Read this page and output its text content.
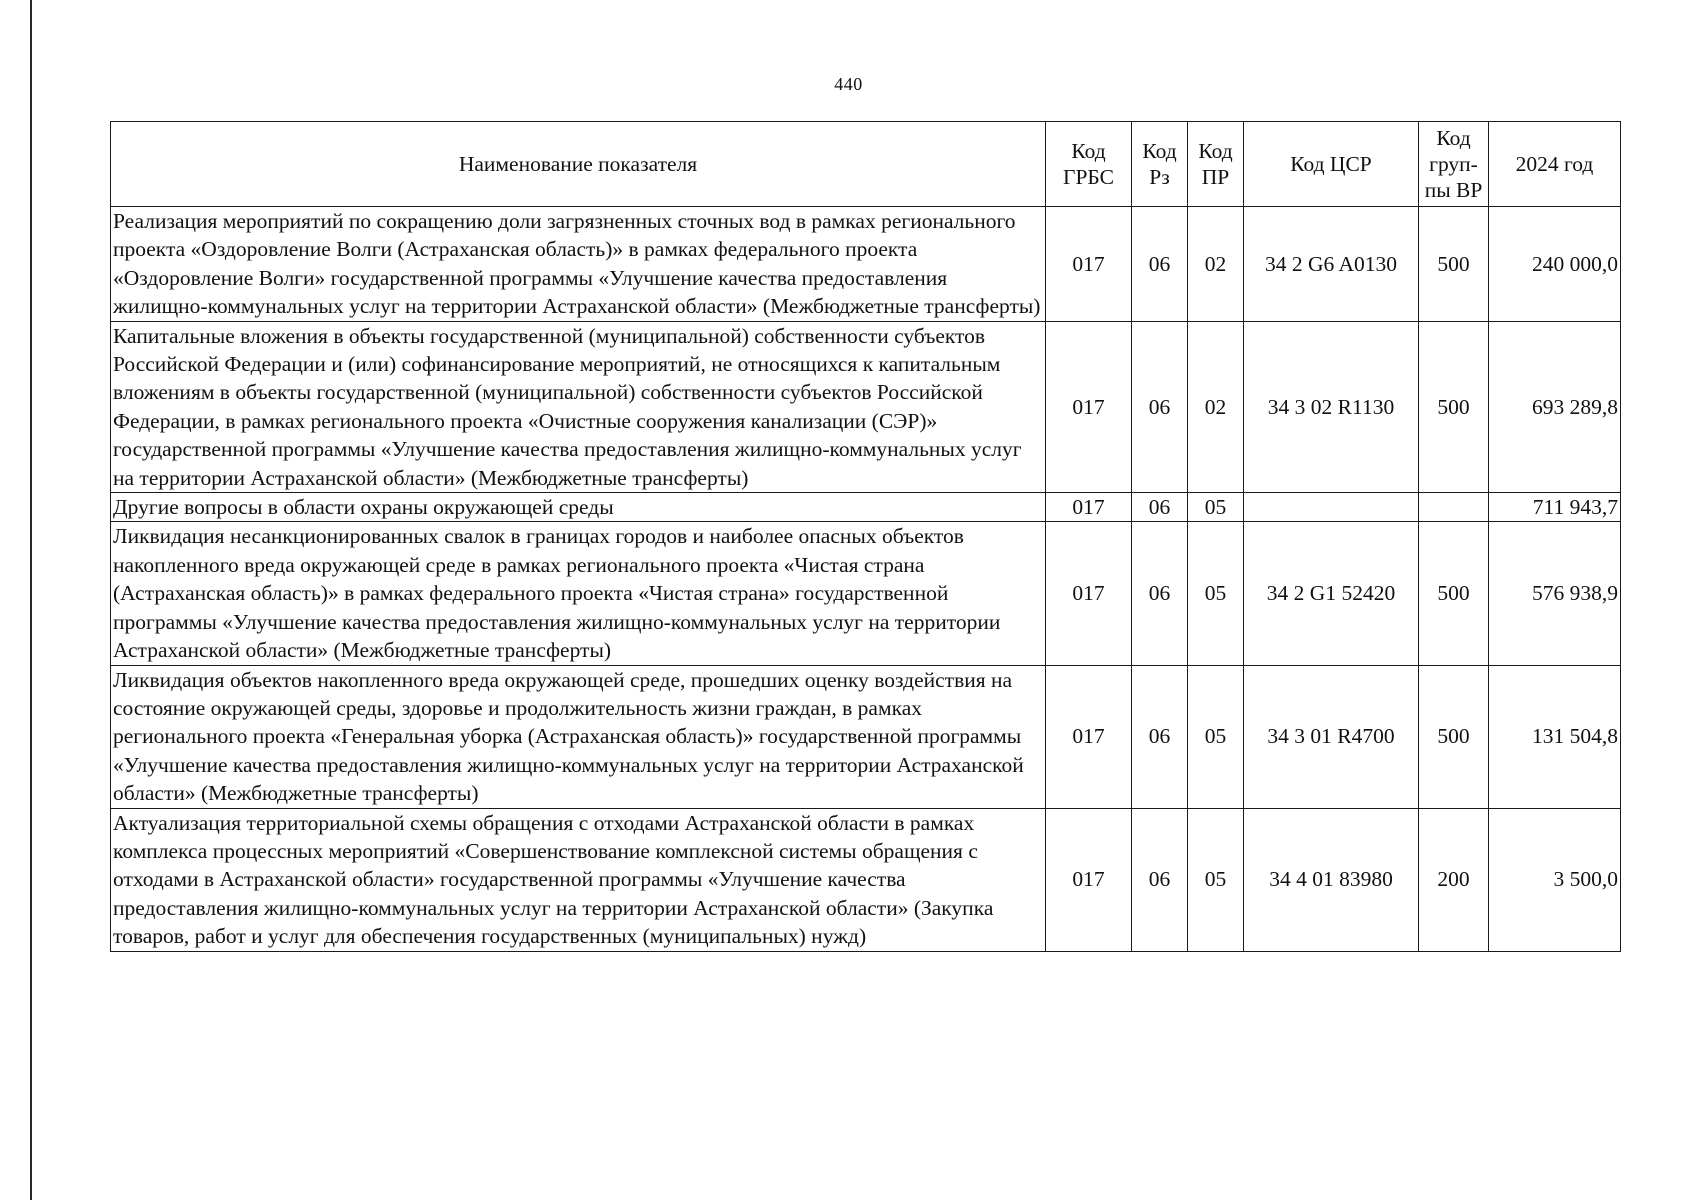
440
Наименование показателя	Код ГРБС	Код Рз	Код ПР	Код ЦСР	Код груп- пы ВР	2024 год
Реализация мероприятий по сокращению доли загрязненных сточных вод в рамках регионального проекта «Оздоровление Волги (Астраханская область)» в рамках федерального проекта «Оздоровление Волги» государственной программы «Улучшение качества предоставления жилищно-коммунальных услуг на территории Астраханской области» (Межбюджетные трансферты)	017	06	02	34 2 G6 A0130	500	240 000,0
Капитальные вложения в объекты государственной (муниципальной) собственности субъектов Российской Федерации и (или) софинансирование мероприятий, не относящихся к капитальным вложениям в объекты государственной (муниципальной) собственности субъектов Российской Федерации, в рамках регионального проекта «Очистные сооружения канализации (СЭР)» государственной программы «Улучшение качества предоставления жилищно-коммунальных услуг на территории Астраханской области» (Межбюджетные трансферты)	017	06	02	34 3 02 R1130	500	693 289,8
Другие вопросы в области охраны окружающей среды	017	06	05			711 943,7
Ликвидация несанкционированных свалок в границах городов и наиболее опасных объектов накопленного вреда окружающей среде в рамках регионального проекта «Чистая страна (Астраханская область)» в рамках федерального проекта «Чистая страна» государственной программы «Улучшение качества предоставления жилищно-коммунальных услуг на территории Астраханской области» (Межбюджетные трансферты)	017	06	05	34 2 G1 52420	500	576 938,9
Ликвидация объектов накопленного вреда окружающей среде, прошедших оценку воздействия на состояние окружающей среды, здоровье и продолжительность жизни граждан, в рамках регионального проекта «Генеральная уборка (Астраханская область)» государственной программы «Улучшение качества предоставления жилищно-коммунальных услуг на территории Астраханской области» (Межбюджетные трансферты)	017	06	05	34 3 01 R4700	500	131 504,8
Актуализация территориальной схемы обращения с отходами Астраханской области в рамках комплекса процессных мероприятий «Совершенствование комплексной системы обращения с отходами в Астраханской области» государственной программы «Улучшение качества предоставления жилищно-коммунальных услуг на территории Астраханской области» (Закупка товаров, работ и услуг для обеспечения государственных (муниципальных) нужд)	017	06	05	34 4 01 83980	200	3 500,0
